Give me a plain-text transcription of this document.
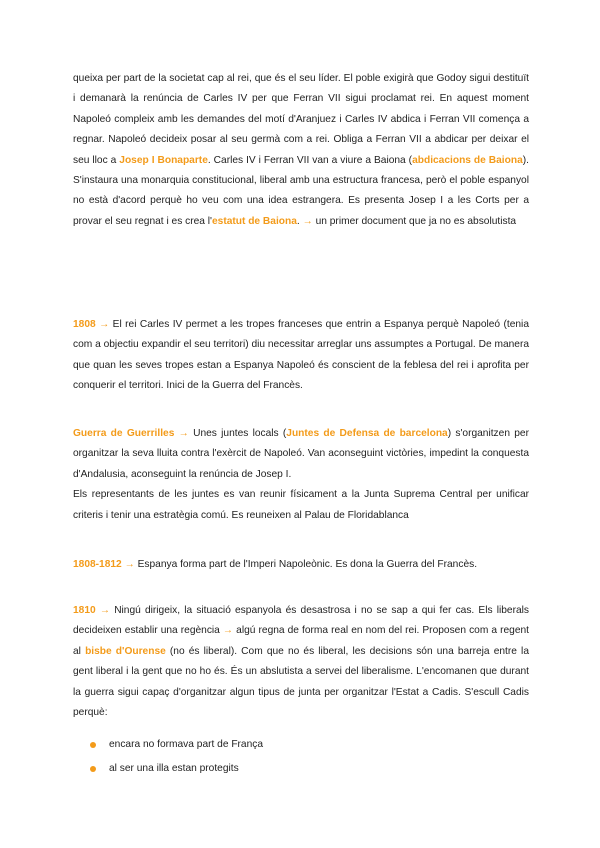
queixa per part de la societat cap al rei, que és el seu líder. El poble exigirà que Godoy sigui destituït i demanarà la renúncia de Carles IV per que Ferran VII sigui proclamat rei. En aquest moment Napoleó compleix amb les demandes del motí d'Aranjuez i Carles IV abdica i Ferran VII comença a regnar. Napoleó decideix posar al seu germà com a rei. Obliga a Ferran VII a abdicar per deixar el seu lloc a Josep I Bonaparte. Carles IV i Ferran VII van a viure a Baiona (abdicacions de Baiona). S'instaura una monarquia constitucional, liberal amb una estructura francesa, però el poble espanyol no està d'acord perquè ho veu com una idea estrangera. Es presenta Josep I a les Corts per a provar el seu regnat i es crea l'estatut de Baiona. → un primer document que ja no es absolutista

1808 → El rei Carles IV permet a les tropes franceses que entrin a Espanya perquè Napoleó (tenia com a objectiu expandir el seu territori) diu necessitar arreglar uns assumptes a Portugal. De manera que quan les seves tropes estan a Espanya Napoleó és conscient de la feblesa del rei i aprofita per conquerir el territori. Inici de la Guerra del Francès.

Guerra de Guerrilles → Unes juntes locals (Juntes de Defensa de barcelona) s'organitzen per organitzar la seva lluita contra l'exèrcit de Napoleó. Van aconseguint victòries, impedint la conquesta d'Andalusia, aconseguint la renúncia de Josep I.

Els representants de les juntes es van reunir físicament a la Junta Suprema Central per unificar criteris i tenir una estratègia comú. Es reuneixen al Palau de Floridablanca

1808-1812 → Espanya forma part de l'Imperi Napoleònic. Es dona la Guerra del Francès.

1810 → Ningú dirigeix, la situació espanyola és desastrosa i no se sap a qui fer cas. Els liberals decideixen establir una regència → algú regna de forma real en nom del rei. Proposen com a regent al bisbe d'Ourense (no és liberal). Com que no és liberal, les decisions són una barreja entre la gent liberal i la gent que no ho és. És un abslutista a servei del liberalisme. L'encomanen que durant la guerra sigui capaç d'organitzar algun tipus de junta per organitzar l'Estat a Cadis. S'escull Cadis perquè:

encara no formava part de França
al ser una illa estan protegits
